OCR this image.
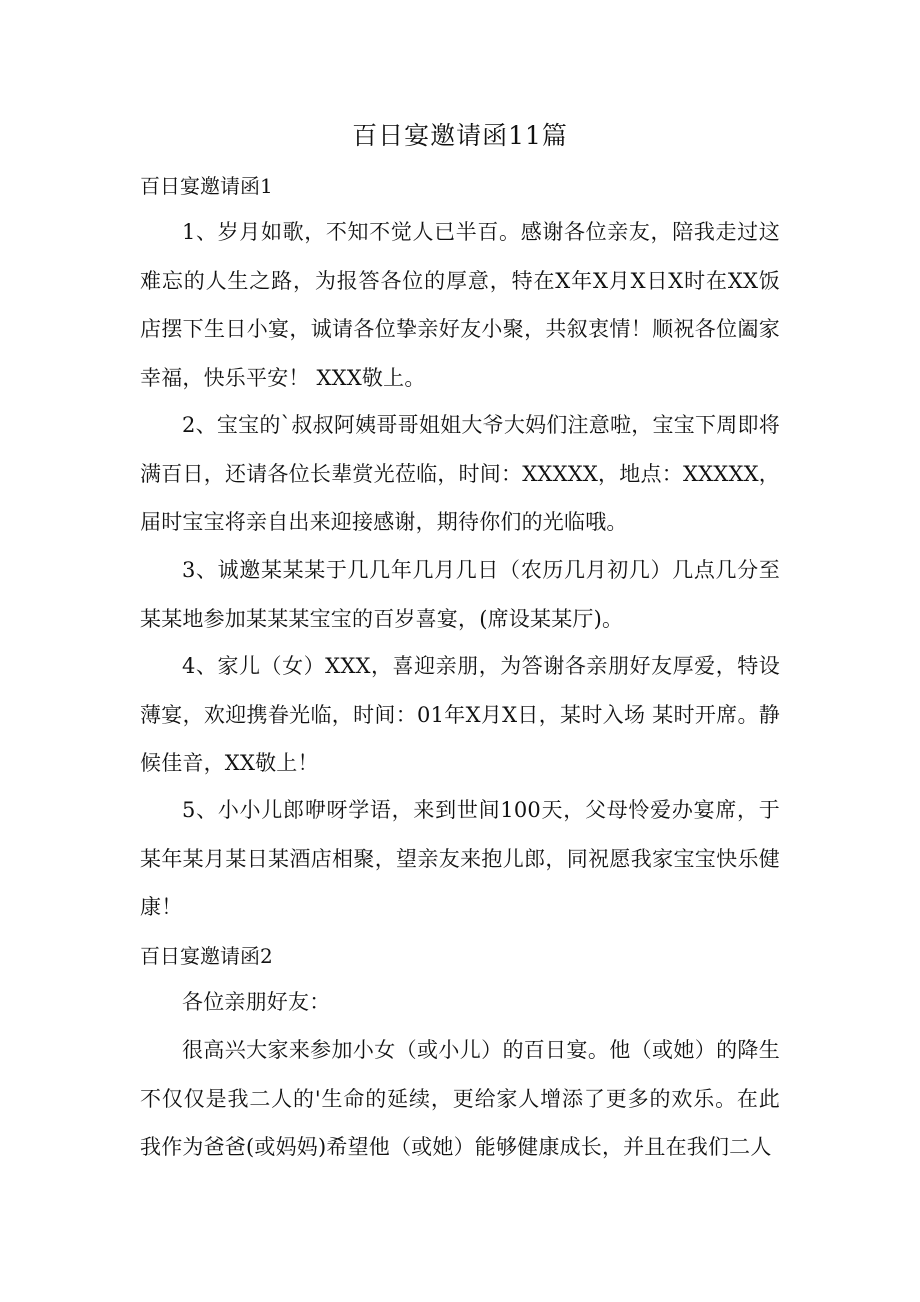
百日宴邀请函11篇
百日宴邀请函1
1、岁月如歌，不知不觉人已半百。感谢各位亲友，陪我走过这难忘的人生之路，为报答各位的厚意，特在X年X月X日X时在XX饭店摆下生日小宴，诚请各位挚亲好友小聚，共叙衷情！顺祝各位阖家幸福，快乐平安！ XXX敬上。
2、宝宝的`叔叔阿姨哥哥姐姐大爷大妈们注意啦，宝宝下周即将满百日，还请各位长辈赏光莅临，时间：XXXXX，地点：XXXXX，届时宝宝将亲自出来迎接感谢，期待你们的光临哦。
3、诚邀某某某于几几年几月几日（农历几月初几）几点几分至某某地参加某某某宝宝的百岁喜宴，(席设某某厅)。
4、家儿（女）XXX，喜迎亲朋，为答谢各亲朋好友厚爱，特设薄宴，欢迎携眷光临，时间：01年X月X日，某时入场 某时开席。静候佳音，XX敬上！
5、小小儿郎咿呀学语，来到世间100天，父母怜爱办宴席，于某年某月某日某酒店相聚，望亲友来抱儿郎，同祝愿我家宝宝快乐健康！
百日宴邀请函2
各位亲朋好友：
很高兴大家来参加小女（或小儿）的百日宴。他（或她）的降生不仅仅是我二人的'生命的延续，更给家人增添了更多的欢乐。在此我作为爸爸(或妈妈)希望他（或她）能够健康成长，并且在我们二人
